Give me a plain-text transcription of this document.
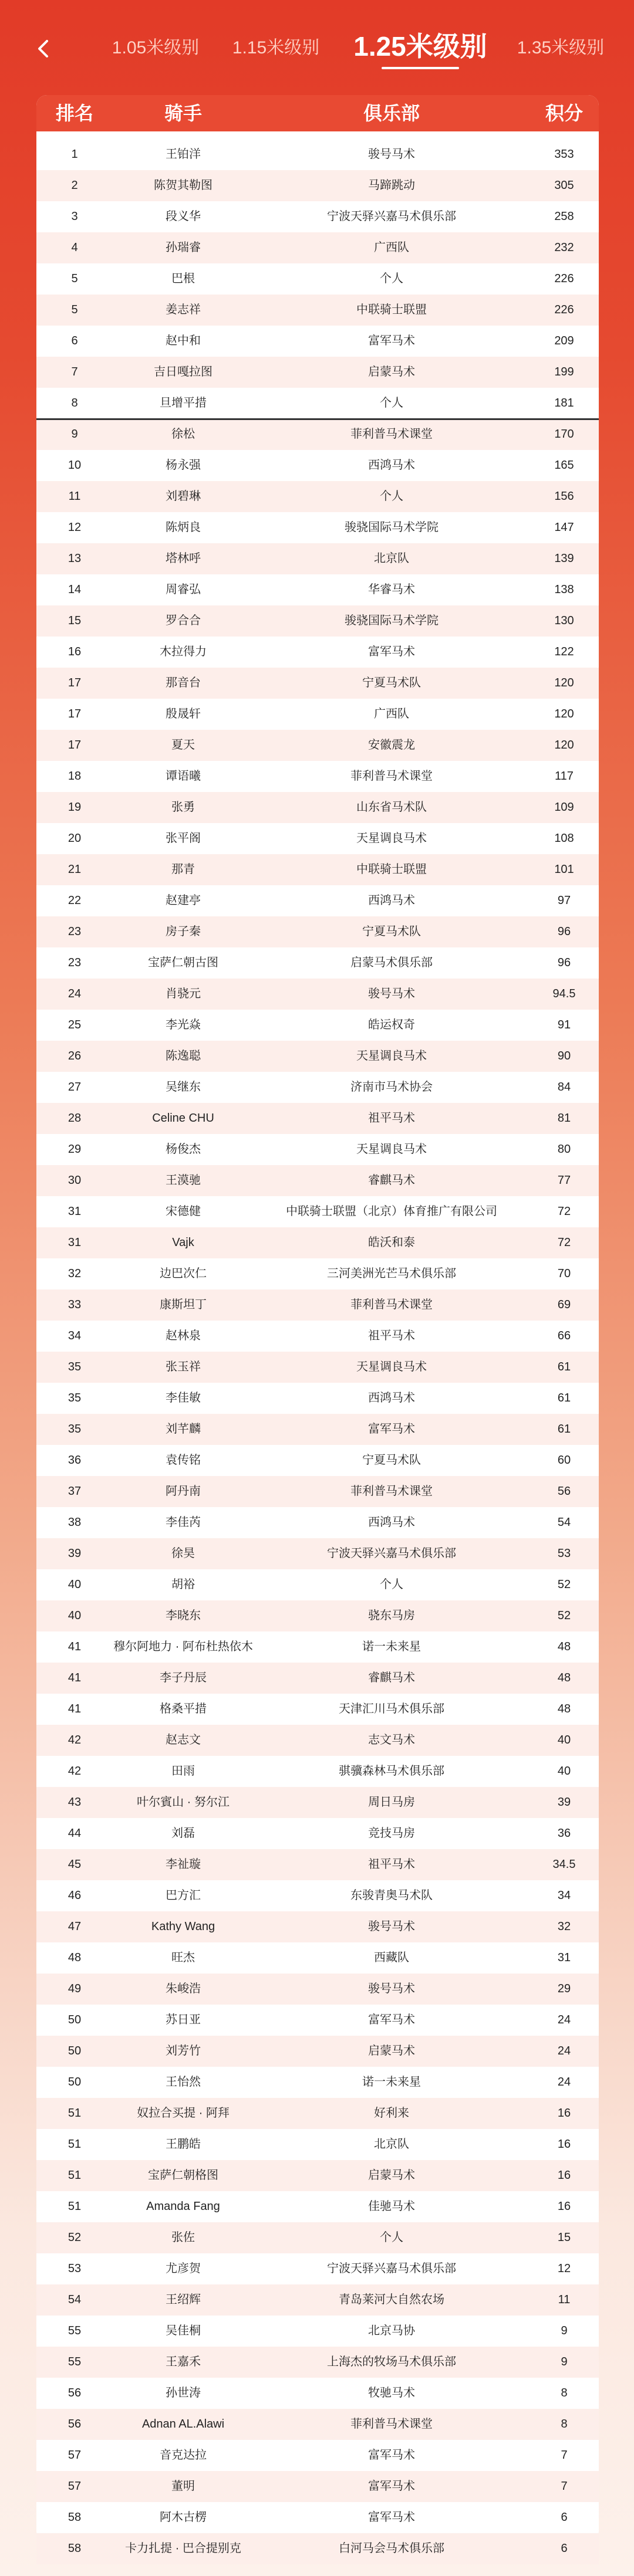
1.05米级别 1.15米级别 1.25米级别 1.35米级别
排名	骑手	俱乐部	积分
1	王铂洋	骏号马术	353
2	陈贺其勒图	马蹄跳动	305
3	段义华	宁波天驿兴嘉马术俱乐部	258
4	孙瑞睿	广西队	232
5	巴根	个人	226
5	姜志祥	中联骑士联盟	226
6	赵中和	富军马术	209
7	吉日嘎拉图	启蒙马术	199
8	旦增平措	个人	181
9	徐松	菲利普马术课堂	170
10	杨永强	西鸿马术	165
11	刘碧琳	个人	156
12	陈炳良	骏骁国际马术学院	147
13	塔林呼	北京队	139
14	周睿弘	华睿马术	138
15	罗合合	骏骁国际马术学院	130
16	木拉得力	富军马术	122
17	那音台	宁夏马术队	120
17	殷晟轩	广西队	120
17	夏天	安徽震龙	120
18	谭语曦	菲利普马术课堂	117
19	张勇	山东省马术队	109
20	张平阁	天星调良马术	108
21	那青	中联骑士联盟	101
22	赵建亭	西鸿马术	97
23	房子秦	宁夏马术队	96
23	宝萨仁朝古图	启蒙马术俱乐部	96
24	肖骁元	骏号马术	94.5
25	李光焱	皓运权奇	91
26	陈逸聪	天星调良马术	90
27	吴继东	济南市马术协会	84
28	Celine CHU	祖平马术	81
29	杨俊杰	天星调良马术	80
30	王漠驰	睿麒马术	77
31	宋德健	中联骑士联盟（北京）体育推广有限公司	72
31	Vajk	皓沃和泰	72
32	边巴次仁	三河美洲光芒马术俱乐部	70
33	康斯坦丁	菲利普马术课堂	69
34	赵林泉	祖平马术	66
35	张玉祥	天星调良马术	61
35	李佳敏	西鸿马术	61
35	刘芊麟	富军马术	61
36	袁传铭	宁夏马术队	60
37	阿丹南	菲利普马术课堂	56
38	李佳芮	西鸿马术	54
39	徐昊	宁波天驿兴嘉马术俱乐部	53
40	胡裕	个人	52
40	李晓东	骁东马房	52
41	穆尔阿地力 · 阿布杜热依木	诺一未来星	48
41	李子丹辰	睿麒马术	48
41	格桑平措	天津汇川马术俱乐部	48
42	赵志文	志文马术	40
42	田雨	骐骥森林马术俱乐部	40
43	叶尔賓山 · 努尔江	周日马房	39
44	刘磊	竞技马房	36
45	李祉璇	祖平马术	34.5
46	巴方汇	东骏青奥马术队	34
47	Kathy Wang	骏号马术	32
48	旺杰	西藏队	31
49	朱峻浩	骏号马术	29
50	苏日亚	富军马术	24
50	刘芳竹	启蒙马术	24
50	王怡然	诺一未来星	24
51	奴拉合买提 · 阿拜	好利来	16
51	王鹏皓	北京队	16
51	宝萨仁朝格图	启蒙马术	16
51	Amanda Fang	佳驰马术	16
52	张佐	个人	15
53	尤彦贺	宁波天驿兴嘉马术俱乐部	12
54	王绍辉	青岛莱河大自然农场	11
55	吴佳桐	北京马协	9
55	王嘉禾	上海杰的牧场马术俱乐部	9
56	孙世涛	牧驰马术	8
56	Adnan AL.Alawi	菲利普马术课堂	8
57	音克达拉	富军马术	7
57	董明	富军马术	7
58	阿木古楞	富军马术	6
58	卡力扎提 · 巴合提别克	白河马会马术俱乐部	6
